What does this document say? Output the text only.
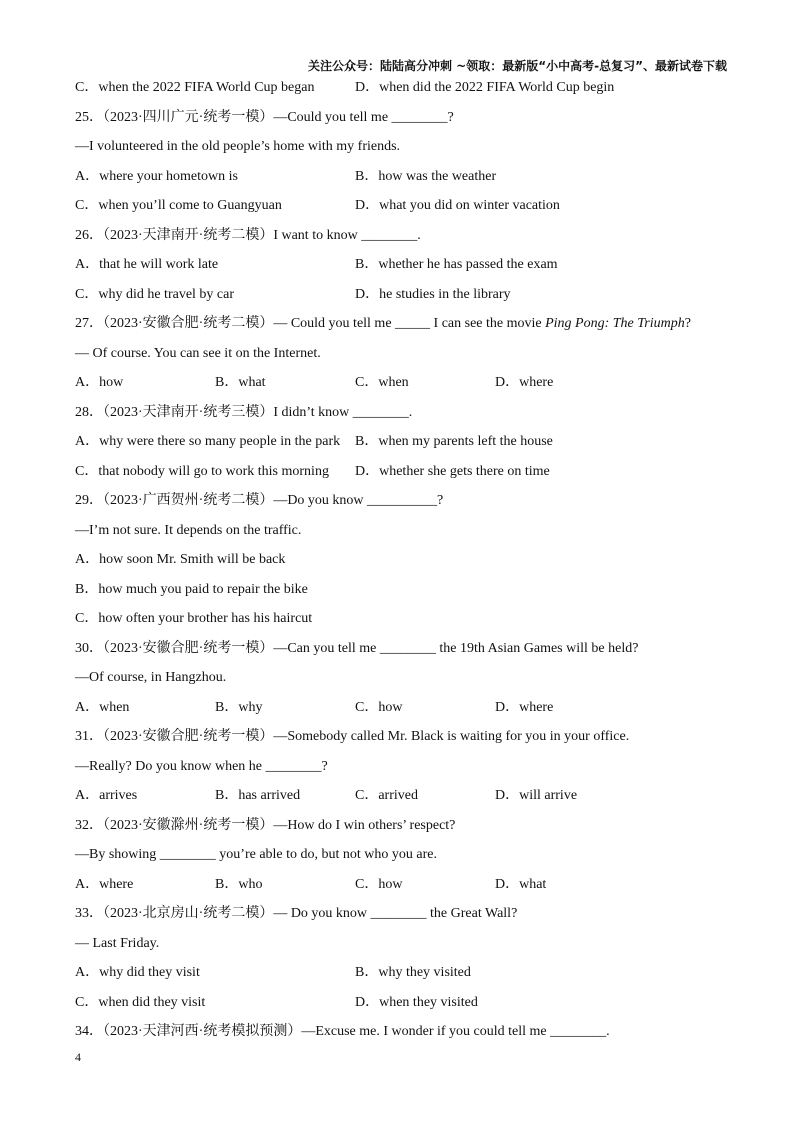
关注公众号：陆陆高分冲刺 ~领取：最新版“小中高考-总复习”、最新试卷下载
C．when the 2022 FIFA World Cup began	D．when did the 2022 FIFA World Cup begin
25．（2023·四川广元·统考一模）—Could you tell me ________?
—I volunteered in the old people’s home with my friends.
A．where your hometown is	B．how was the weather
C．when you’ll come to Guangyuan	D．what you did on winter vacation
26．（2023·天津南开·统考二模）I want to know ________.
A．that he will work late	B．whether he has passed the exam
C．why did he travel by car	D．he studies in the library
27．（2023·安徽合肥·统考二模）— Could you tell me _____ I can see the movie Ping Pong: The Triumph?
— Of course. You can see it on the Internet.
A．how	B．what	C．when	D．where
28．（2023·天津南开·统考三模）I didn’t know ________.
A．why were there so many people in the park B．when my parents left the house
C．that nobody will go to work this morning D．whether she gets there on time
29．（2023·广西贺州·统考二模）—Do you know __________?
—I’m not sure. It depends on the traffic.
A．how soon Mr. Smith will be back
B．how much you paid to repair the bike
C．how often your brother has his haircut
30．（2023·安徽合肥·统考一模）—Can you tell me ________ the 19th Asian Games will be held?
—Of course, in Hangzhou.
A．when	B．why	C．how	D．where
31．（2023·安徽合肥·统考一模）—Somebody called Mr. Black is waiting for you in your office.
—Really? Do you know when he ________?
A．arrives	B．has arrived	C．arrived	D．will arrive
32．（2023·安徽滁州·统考一模）—How do I win others’ respect?
—By showing ________ you’re able to do, but not who you are.
A．where	B．who	C．how	D．what
33．（2023·北京房山·统考二模）— Do you know ________ the Great Wall?
— Last Friday.
A．why did they visit	B．why they visited
C．when did they visit	D．when they visited
34．（2023·天津河西·统考模拟预测）—Excuse me. I wonder if you could tell me ________.
4
